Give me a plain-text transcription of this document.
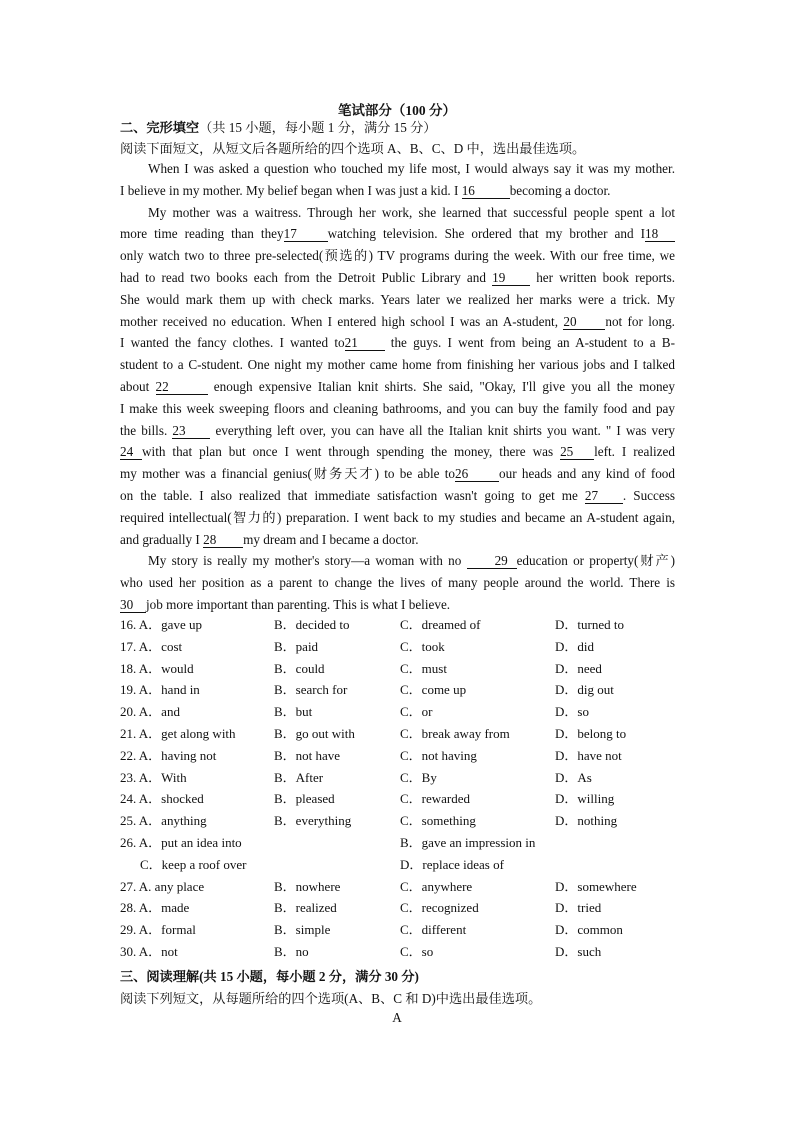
笔试部分（100 分）
二、完形填空（共 15 小题，每小题 1 分，满分 15 分）
阅读下面短文，从短文后各题所给的四个选项 A、B、C、D 中，选出最佳选项。

When I was asked a question who touched my life most, I would always say it was my mother.

I believe in my mother. My belief began when I was just a kid. I 16	becoming a doctor.

My mother was a waitress. Through her work, she learned that successful people spent a lot

more time reading than they17 watching television. She ordered that my brother and I18

only watch two to three pre-selected(预选的) TV programs during the week. With our free time, we

had to read two books each from the Detroit Public Library and 19 her written book reports.

She would mark them up with check marks. Years later we realized her marks were a trick. My

mother received no education. When I entered high school I was an A-student, 20 not for long.

I wanted the fancy clothes. I wanted to21 the guys. I went from being an A-student to a B-

student to a C-student. One night my mother came home from finishing her various jobs and I talked

about 22	enough expensive Italian knit shirts. She said, "Okay, I'll give you all the money

I make this week sweeping floors and cleaning bathrooms, and you can buy the family food and pay

the bills. 23 everything left over, you can have all the Italian knit shirts you want. " I was very

24 with that plan but once I went through spending the money, there was 25 left. I realized

my mother was a financial genius(财务天才) to be able to26 our heads and any kind of food

on the table. I also realized that immediate satisfaction wasn't going to get me 27 . Success

required intellectual(智力的) preparation. I went back to my studies and became an A-student again,

and gradually I 28 my dream and I became a doctor.

My story is really my mother's story—a woman with no 29 education or property(财产)

who used her position as a parent to change the lives of many people around the world. There is

30 job more important than parenting. This is what I believe.

16. A．gave up	B．decided to	C．dreamed of	D．turned to
17. A．cost	B．paid	C．took	D．did
18. A．would	B．could	C．must	D．need
19. A．hand in	B．search for	C．come up	D．dig out
20. A．and	B．but	C．or	D．so
21. A．get along with	B．go out with	C．break away from	D．belong to
22. A．having not	B．not have	C．not having	D．have not
23. A．With	B．After	C．By	D．As
24. A．shocked	B．pleased	C．rewarded	D．willing
25. A．anything	B．everything	C．something	D．nothing
26. A．put an idea into	B．gave an impression in
C．keep a roof over	D．replace ideas of
27. A. any place	B．nowhere	C．anywhere	D．somewhere
28. A．made	B．realized	C．recognized	D．tried
29. A．formal	B．simple	C．different	D．common
30. A．not	B．no	C．so	D．such
三、阅读理解(共 15 小题，每小题 2 分，满分 30 分)
阅读下列短文，从每题所给的四个选项(A、B、C 和 D)中选出最佳选项。
A
